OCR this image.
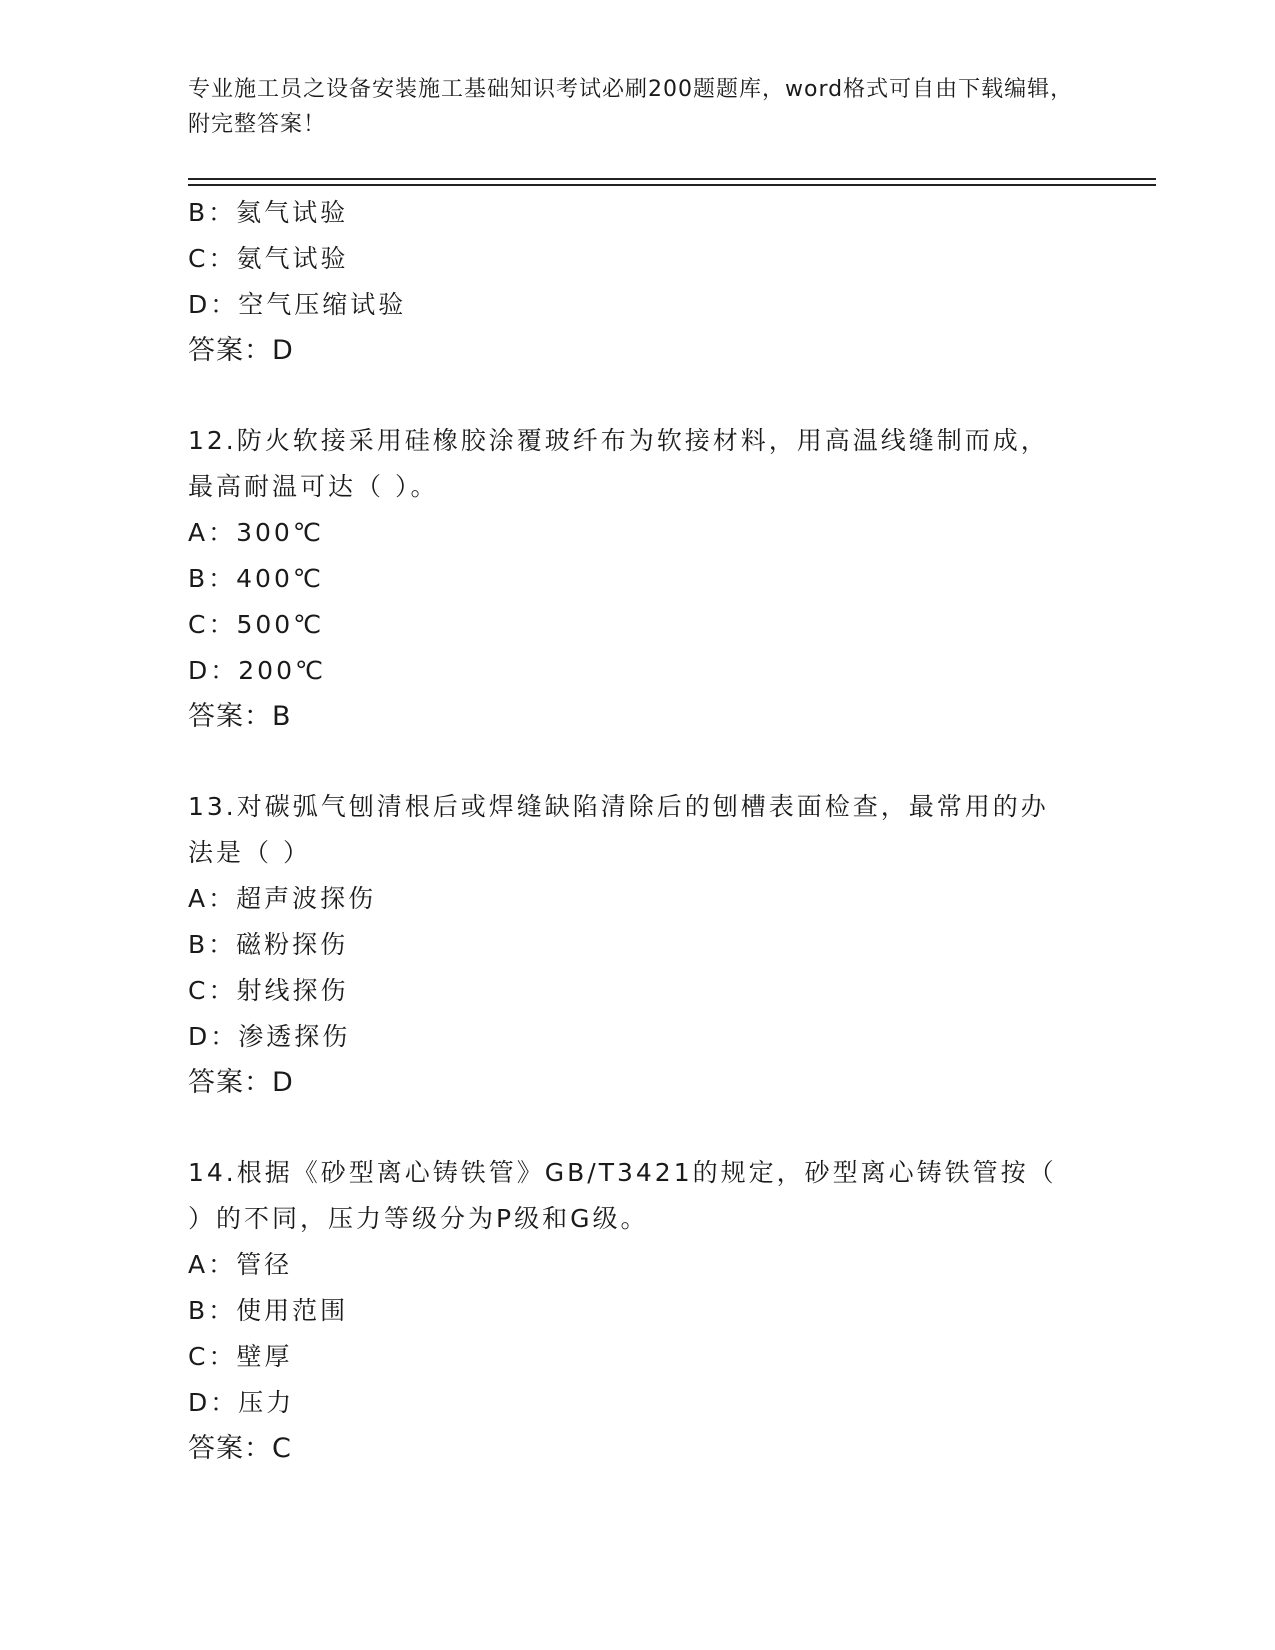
专业施工员之设备安装施工基础知识考试必刷200题题库，word格式可自由下载编辑，附完整答案！
B：氦气试验
C：氨气试验
D：空气压缩试验
答案：D
12.防火软接采用硅橡胶涂覆玻纤布为软接材料，用高温线缝制而成，
最高耐温可达（ ）。
A：300℃
B：400℃
C：500℃
D：200℃
答案：B
13.对碳弧气刨清根后或焊缝缺陷清除后的刨槽表面检查，最常用的办
法是（ ）
A：超声波探伤
B：磁粉探伤
C：射线探伤
D：渗透探伤
答案：D
14.根据《砂型离心铸铁管》GB/T3421的规定，砂型离心铸铁管按（
）的不同，压力等级分为P级和G级。
A：管径
B：使用范围
C：壁厚
D：压力
答案：C
